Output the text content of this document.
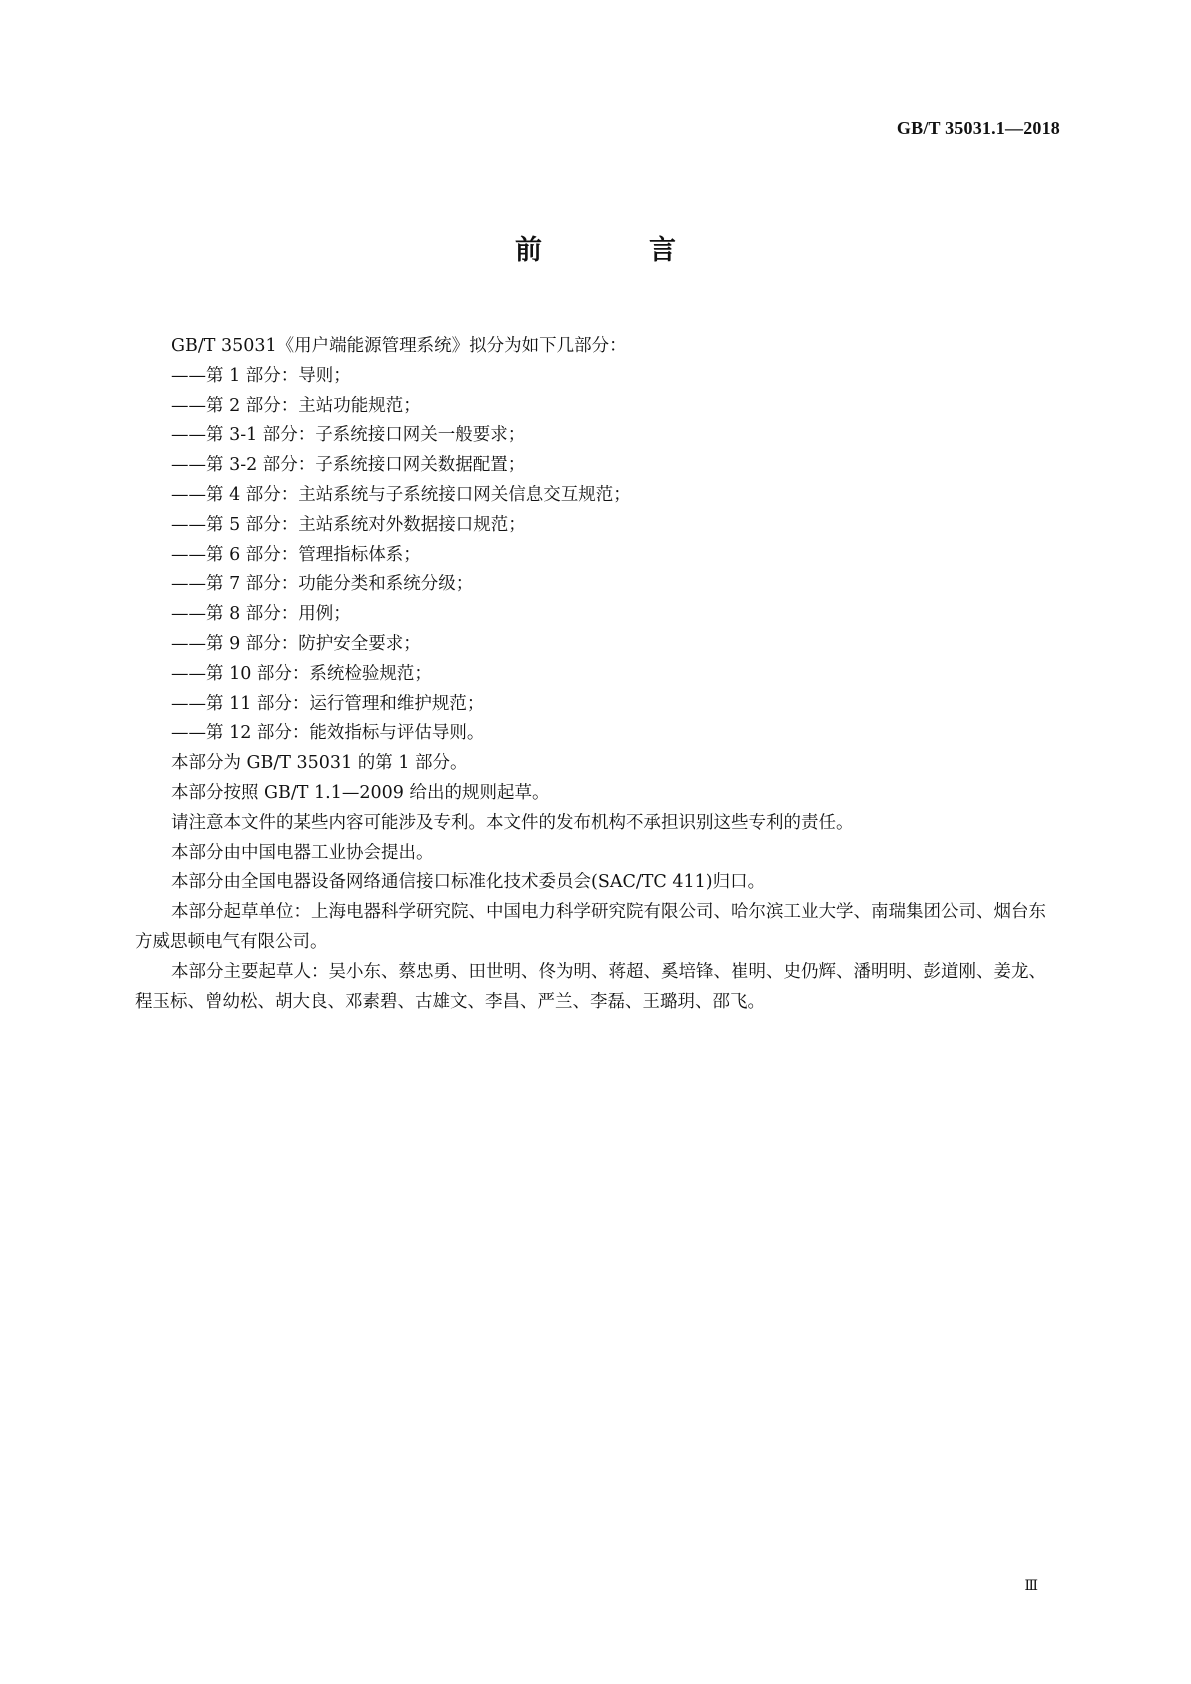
GB/T 35031.1—2018
前　言

GB/T 35031《用户端能源管理系统》拟分为如下几部分：

——第 1 部分：导则；

——第 2 部分：主站功能规范；

——第 3-1 部分：子系统接口网关一般要求；

——第 3-2 部分：子系统接口网关数据配置；

——第 4 部分：主站系统与子系统接口网关信息交互规范；

——第 5 部分：主站系统对外数据接口规范；

——第 6 部分：管理指标体系；

——第 7 部分：功能分类和系统分级；

——第 8 部分：用例；

——第 9 部分：防护安全要求；

——第 10 部分：系统检验规范；

——第 11 部分：运行管理和维护规范；

——第 12 部分：能效指标与评估导则。

本部分为 GB/T 35031 的第 1 部分。

本部分按照 GB/T 1.1—2009 给出的规则起草。

请注意本文件的某些内容可能涉及专利。本文件的发布机构不承担识别这些专利的责任。

本部分由中国电器工业协会提出。

本部分由全国电器设备网络通信接口标准化技术委员会(SAC/TC 411)归口。

本部分起草单位：上海电器科学研究院、中国电力科学研究院有限公司、哈尔滨工业大学、南瑞集团公司、烟台东方威思顿电气有限公司。

本部分主要起草人：吴小东、蔡忠勇、田世明、佟为明、蒋超、奚培锋、崔明、史仍辉、潘明明、彭道刚、姜龙、程玉标、曾幼松、胡大良、邓素碧、古雄文、李昌、严兰、李磊、王璐玥、邵飞。

Ⅲ
